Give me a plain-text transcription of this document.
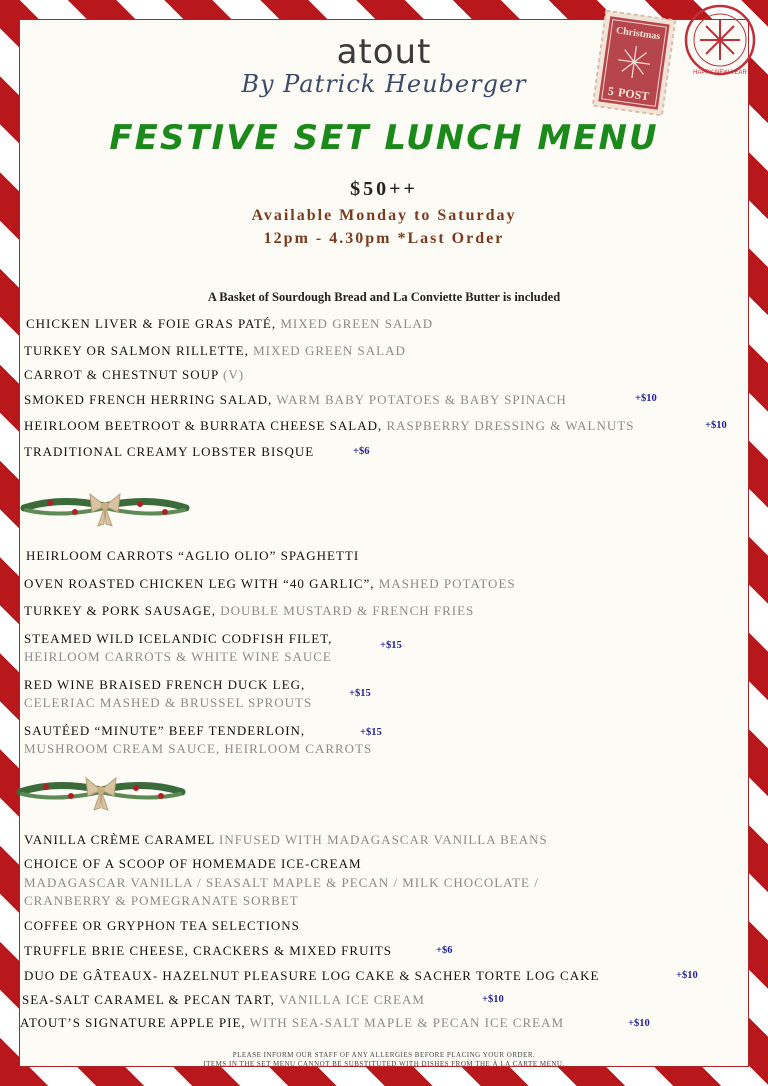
Christmas
5 POST
HAPPY NEW YEAR
atout
By Patrick Heuberger
FESTIVE SET LUNCH MENU
$50++
Available Monday to Saturday
12pm - 4.30pm *Last Order
A Basket of Sourdough Bread and La Conviette Butter is included
CHICKEN LIVER & FOIE GRAS PATÉ, MIXED GREEN SALAD
TURKEY OR SALMON RILLETTE, MIXED GREEN SALAD
CARROT & CHESTNUT SOUP (V)
SMOKED FRENCH HERRING SALAD, WARM BABY POTATOES & BABY SPINACH	+$10
HEIRLOOM BEETROOT & BURRATA CHEESE SALAD, RASPBERRY DRESSING & WALNUTS	+$10
TRADITIONAL CREAMY LOBSTER BISQUE	+$6
HEIRLOOM CARROTS “AGLIO OLIO” SPAGHETTI
OVEN ROASTED CHICKEN LEG WITH “40 GARLIC”, MASHED POTATOES
TURKEY & PORK SAUSAGE, DOUBLE MUSTARD & FRENCH FRIES
STEAMED WILD ICELANDIC CODFISH FILET,
HEIRLOOM CARROTS & WHITE WINE SAUCE
+$15
RED WINE BRAISED FRENCH DUCK LEG,
CELERIAC MASHED & BRUSSEL SPROUTS
+$15
SAUTÉED “MINUTE” BEEF TENDERLOIN,
MUSHROOM CREAM SAUCE, HEIRLOOM CARROTS
+$15
VANILLA CRÈME CARAMEL INFUSED WITH MADAGASCAR VANILLA BEANS
CHOICE OF A SCOOP OF HOMEMADE ICE-CREAM
MADAGASCAR VANILLA / SEASALT MAPLE & PECAN / MILK CHOCOLATE /
CRANBERRY & POMEGRANATE SORBET
COFFEE OR GRYPHON TEA SELECTIONS
TRUFFLE BRIE CHEESE, CRACKERS & MIXED FRUITS	+$6
DUO DE GÂTEAUX- HAZELNUT PLEASURE LOG CAKE & SACHER TORTE LOG CAKE	+$10
SEA-SALT CARAMEL & PECAN TART, VANILLA ICE CREAM	+$10
ATOUT’S SIGNATURE APPLE PIE, WITH SEA-SALT MAPLE & PECAN ICE CREAM	+$10
PLEASE INFORM OUR STAFF OF ANY ALLERGIES BEFORE PLACING YOUR ORDER.
ITEMS IN THE SET MENU CANNOT BE SUBSTITUTED WITH DISHES FROM THE À LA CARTE MENU.
